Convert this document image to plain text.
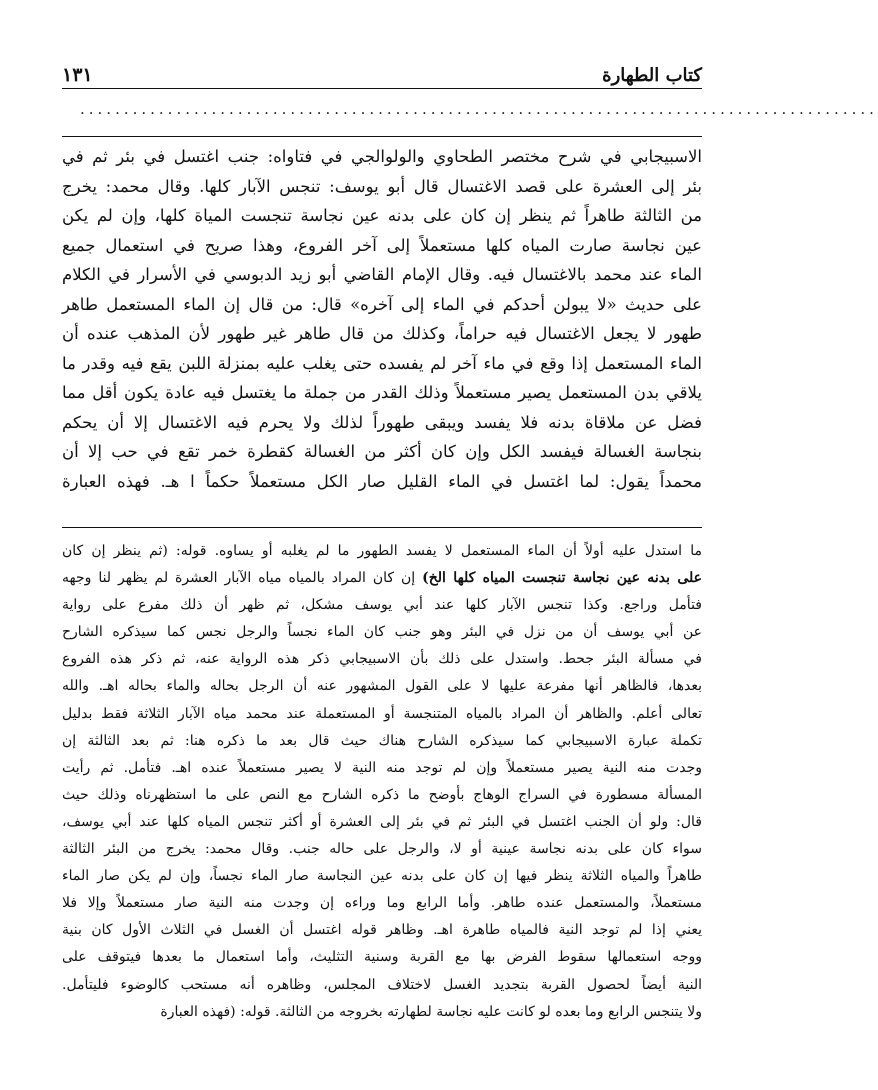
كتاب الطهارة
١٣١
...........................................................................................
الاسبيجابي في شرح مختصر الطحاوي والولوالجي في فتاواه: جنب اغتسل في بئر ثم في
بئر إلى العشرة على قصد الاغتسال قال أبو يوسف: تنجس الآبار كلها. وقال محمد: يخرج
من الثالثة طاهراً ثم ينظر إن كان على بدنه عين نجاسة تنجست المياة كلها، وإن لم يكن
عين نجاسة صارت المياه كلها مستعملاً إلى آخر الفروع، وهذا صريح في استعمال جميع
الماء عند محمد بالاغتسال فيه. وقال الإمام القاضي أبو زيد الدبوسي في الأسرار في الكلام
على حديث «لا يبولن أحدكم في الماء إلى آخره» قال: من قال إن الماء المستعمل طاهر
طهور لا يجعل الاغتسال فيه حراماً، وكذلك من قال طاهر غير طهور لأن المذهب عنده أن
الماء المستعمل إذا وقع في ماء آخر لم يفسده حتى يغلب عليه بمنزلة اللبن يقع فيه وقدر ما
يلاقي بدن المستعمل يصير مستعملاً وذلك القدر من جملة ما يغتسل فيه عادة يكون أقل مما
فضل عن ملاقاة بدنه فلا يفسد ويبقى طهوراً لذلك ولا يحرم فيه الاغتسال إلا أن يحكم
بنجاسة الغسالة فيفسد الكل وإن كان أكثر من الغسالة كقطرة خمر تقع في حب إلا أن
محمداً يقول: لما اغتسل في الماء القليل صار الكل مستعملاً حكماً ا هـ. فهذه العبارة
ما استدل عليه أولاً أن الماء المستعمل لا يفسد الطهور ما لم يغلبه أو يساوه. قوله: (ثم ينظر إن كان
على بدنه عين نجاسة تنجست المياه كلها الخ) إن كان المراد بالمياه مياه الآبار العشرة لم يظهر لنا وجهه
فتأمل وراجع. وكذا تنجس الآبار كلها عند أبي يوسف مشكل، ثم ظهر أن ذلك مفرع على رواية
عن أبي يوسف أن من نزل في البئر وهو جنب كان الماء نجساً والرجل نجس كما سيذكره الشارح
في مسألة البئر جحط. واستدل على ذلك بأن الاسبيجابي ذكر هذه الرواية عنه، ثم ذكر هذه الفروع
بعدها، فالظاهر أنها مفرعة عليها لا على القول المشهور عنه أن الرجل بحاله والماء بحاله اهـ. والله
تعالى أعلم. والظاهر أن المراد بالمياه المتنجسة أو المستعملة عند محمد مياه الآبار الثلاثة فقط بدليل
تكملة عبارة الاسبيجابي كما سيذكره الشارح هناك حيث قال بعد ما ذكره هنا: ثم بعد الثالثة إن
وجدت منه النية يصير مستعملاً وإن لم توجد منه النية لا يصير مستعملاً عنده اهـ. فتأمل. ثم رأيت
المسألة مسطورة في السراج الوهاج بأوضح ما ذكره الشارح مع النص على ما استظهرناه وذلك حيث
قال: ولو أن الجنب اغتسل في البئر ثم في بئر إلى العشرة أو أكثر تنجس المياه كلها عند أبي يوسف،
سواء كان على بدنه نجاسة عينية أو لا، والرجل على حاله جنب. وقال محمد: يخرج من البئر الثالثة
طاهراً والمياه الثلاثة ينظر فيها إن كان على بدنه عين النجاسة صار الماء نجساً، وإن لم يكن صار الماء
مستعملاً، والمستعمل عنده طاهر. وأما الرابع وما وراءه إن وجدت منه النية صار مستعملاً وإلا فلا
يعني إذا لم توجد النية فالمياه طاهرة اهـ. وظاهر قوله اغتسل أن الغسل في الثلاث الأول كان بنية
ووجه استعمالها سقوط الفرض بها مع القربة وسنية التثليث، وأما استعمال ما بعدها فيتوقف على
النية أيضاً لحصول القربة بتجديد الغسل لاختلاف المجلس، وظاهره أنه مستحب كالوضوء فليتأمل.
ولا يتنجس الرابع وما بعده لو كانت عليه نجاسة لطهارته بخروجه من الثالثة. قوله: (فهذه العبارة
